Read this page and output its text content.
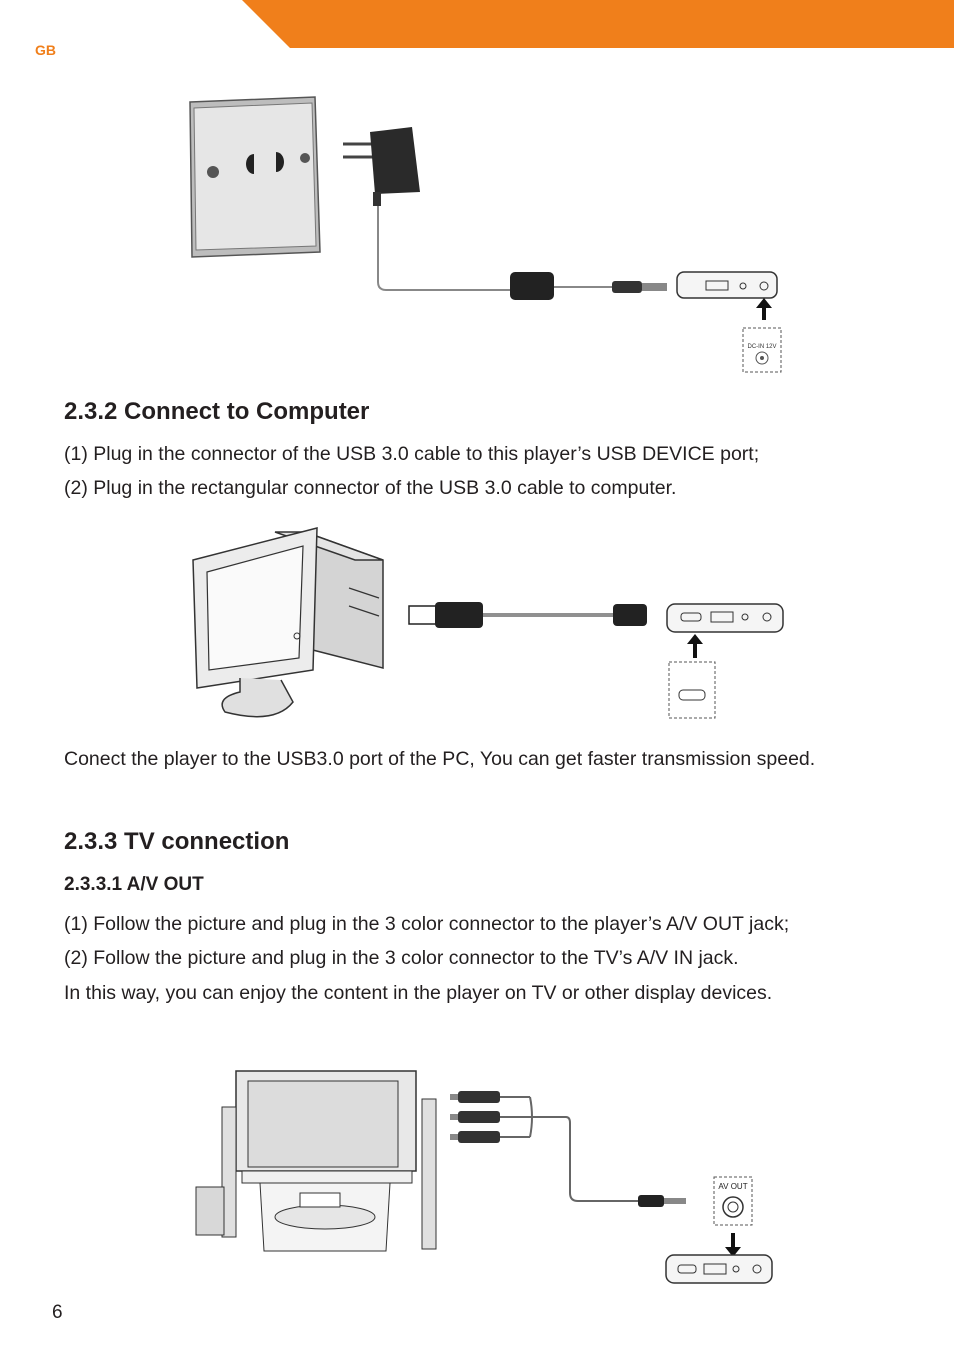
GB
DC-IN 12V
2.3.2 Connect to Computer

(1) Plug in the connector of the USB 3.0 cable to this player’s USB DEVICE port;

(2) Plug in the rectangular connector of the USB 3.0 cable to computer.

Conect the player to the USB3.0 port of the PC, You can get faster transmission speed.

2.3.3 TV connection
2.3.3.1 A/V OUT

(1) Follow the picture and plug in the 3 color connector to the player’s A/V OUT jack;

(2) Follow the picture and plug in the 3 color connector to the TV’s A/V IN jack.

In this way, you can enjoy the content in the player on TV or other display devices.

AV OUT
6
